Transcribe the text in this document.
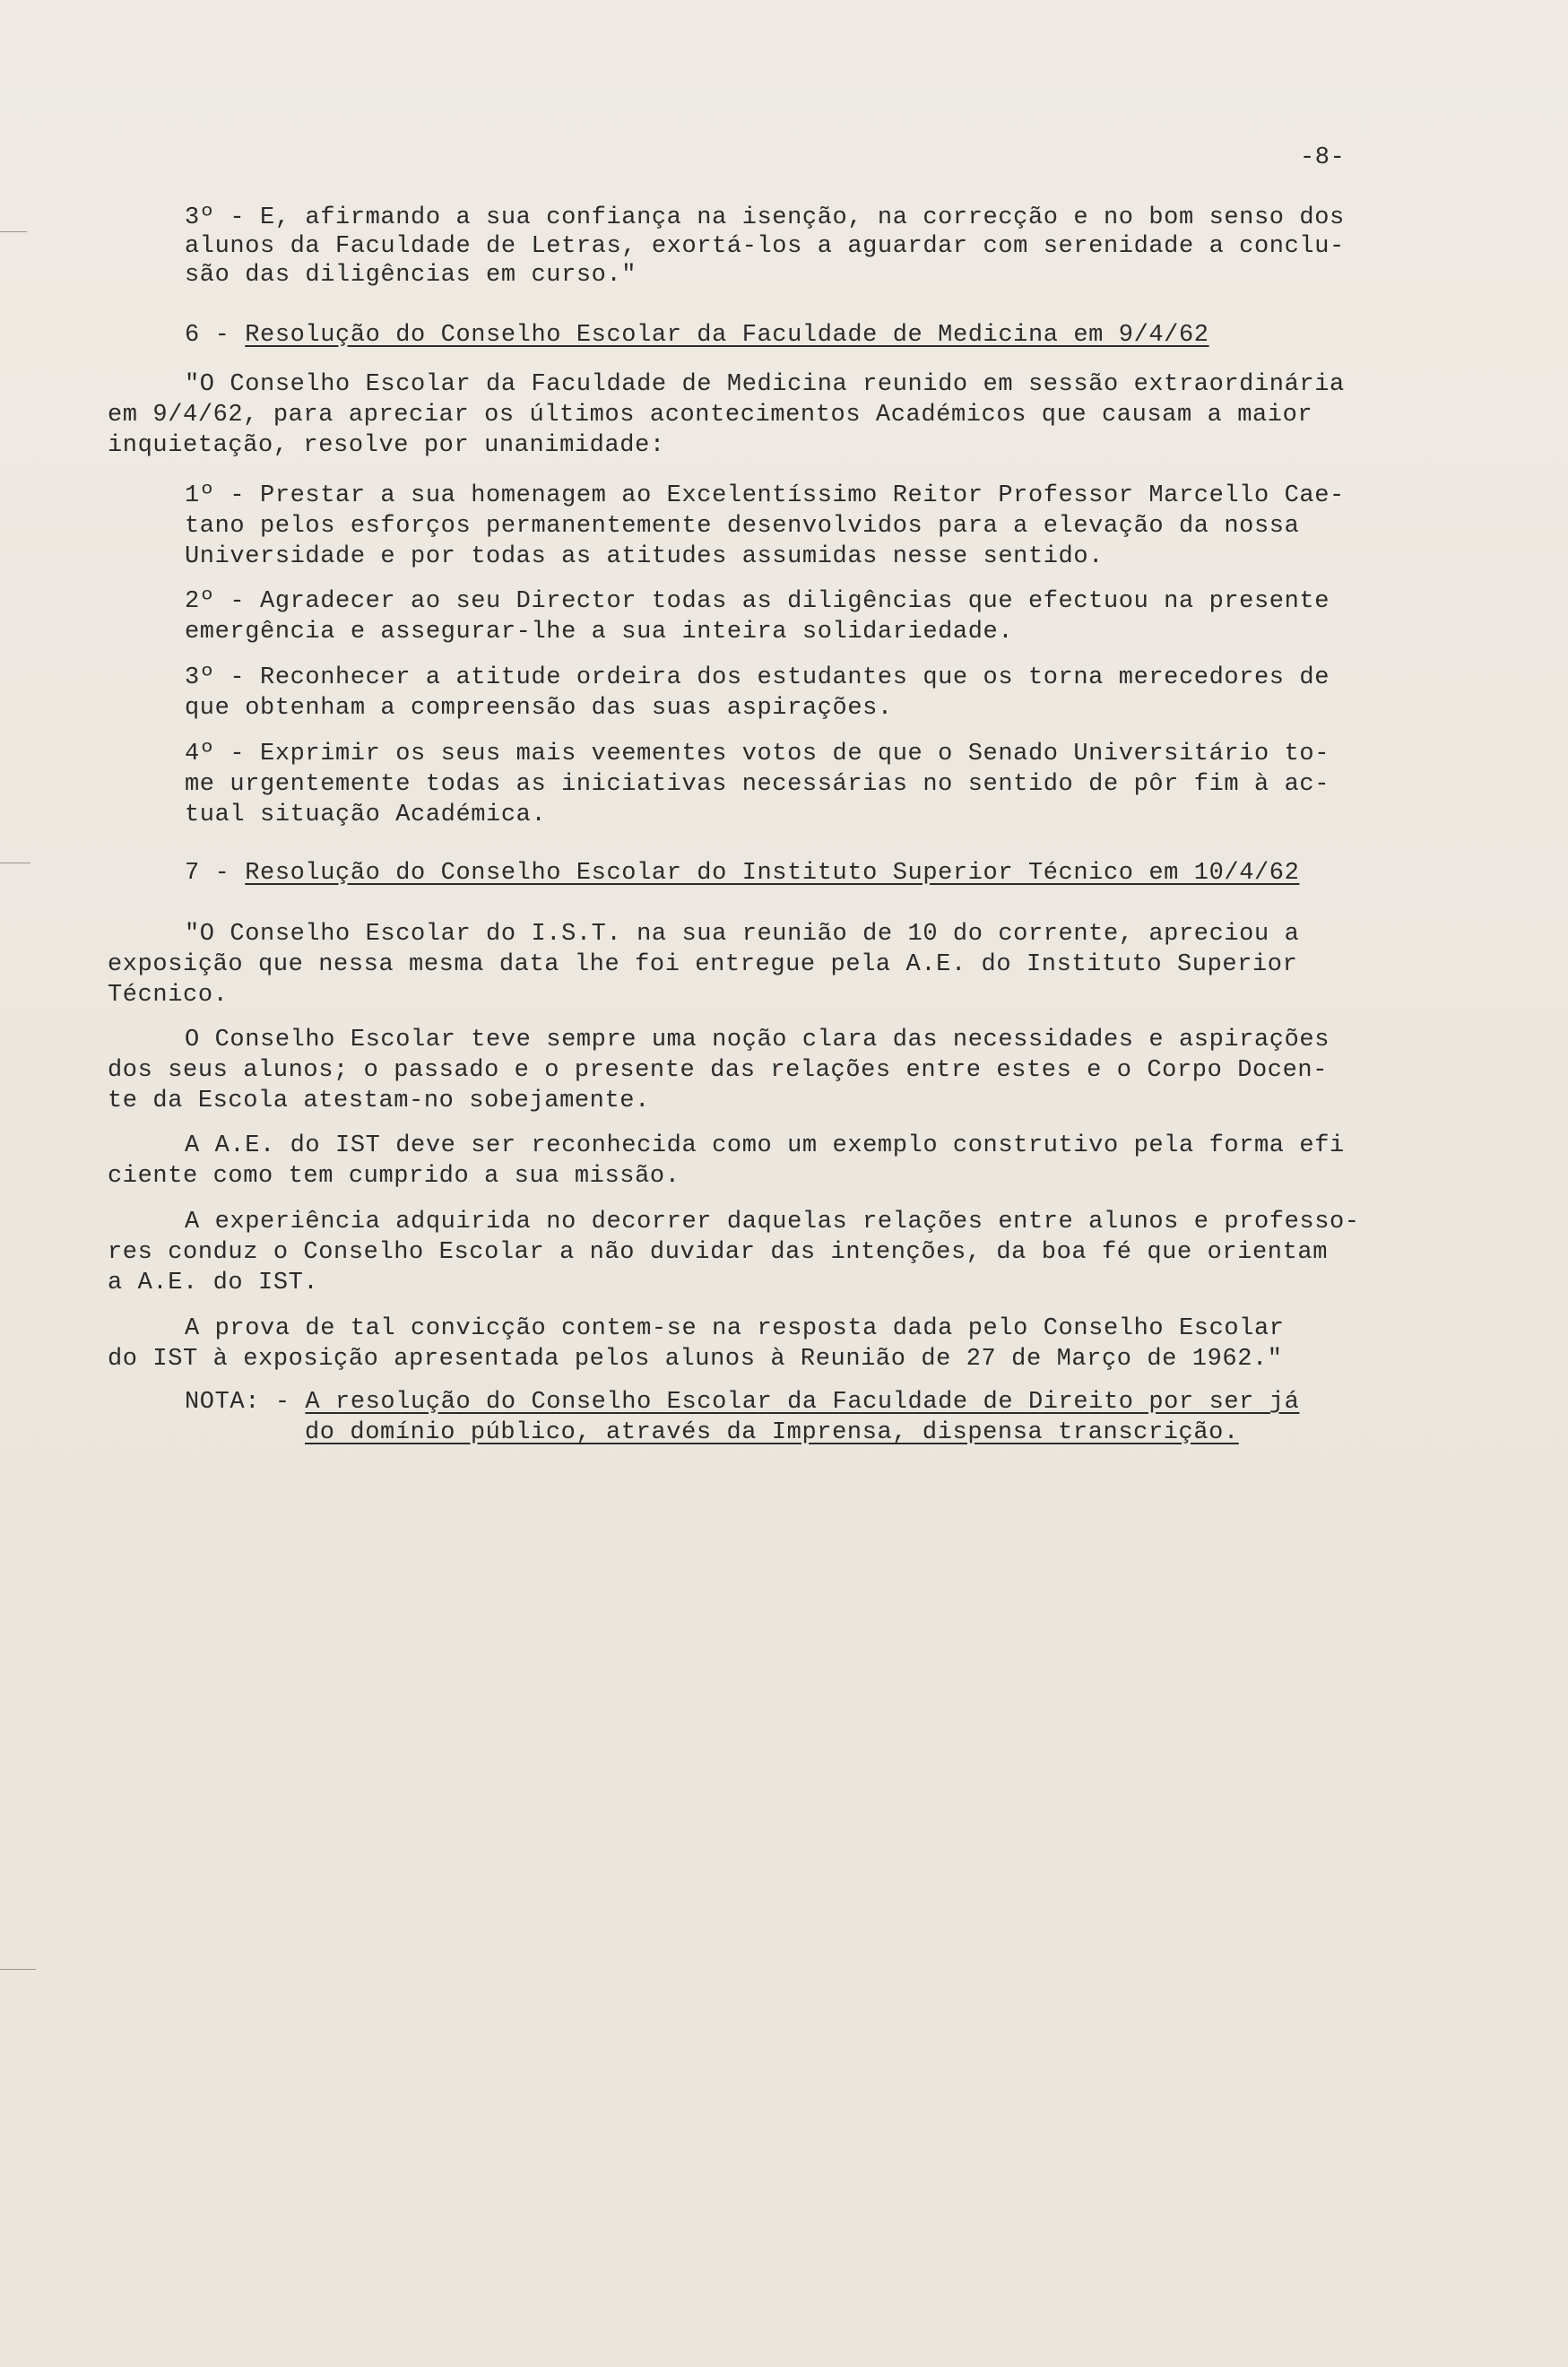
-8-
3º - E, afirmando a sua confiança na isenção, na correcção e no bom senso dos
alunos da Faculdade de Letras, exortá-los a aguardar com serenidade a conclu-
são das diligências em curso."
6 - Resolução do Conselho Escolar da Faculdade de Medicina em 9/4/62
"O Conselho Escolar da Faculdade de Medicina reunido em sessão extraordinária
em 9/4/62, para apreciar os últimos acontecimentos Académicos que causam a maior
inquietação, resolve por unanimidade:
1º - Prestar a sua homenagem ao Excelentíssimo Reitor Professor Marcello Cae-
tano pelos esforços permanentemente desenvolvidos para a elevação da nossa
Universidade e por todas as atitudes assumidas nesse sentido.
2º - Agradecer ao seu Director todas as diligências que efectuou na presente
emergência e assegurar-lhe a sua inteira solidariedade.
3º - Reconhecer a atitude ordeira dos estudantes que os torna merecedores de
que obtenham a compreensão das suas aspirações.
4º - Exprimir os seus mais veementes votos de que o Senado Universitário to-
me urgentemente todas as iniciativas necessárias no sentido de pôr fim à ac-
tual situação Académica.
7 - Resolução do Conselho Escolar do Instituto Superior Técnico em 10/4/62
"O Conselho Escolar do I.S.T. na sua reunião de 10 do corrente, apreciou a
exposição que nessa mesma data lhe foi entregue pela A.E. do Instituto Superior
Técnico.
O Conselho Escolar teve sempre uma noção clara das necessidades e aspirações
dos seus alunos; o passado e o presente das relações entre estes e o Corpo Docen-
te da Escola atestam-no sobejamente.
A A.E. do IST deve ser reconhecida como um exemplo construtivo pela forma efi
ciente como tem cumprido a sua missão.
A experiência adquirida no decorrer daquelas relações entre alunos e professo-
res conduz o Conselho Escolar a não duvidar das intenções, da boa fé que orientam
a A.E. do IST.
A prova de tal convicção contem-se na resposta dada pelo Conselho Escolar
do IST à exposição apresentada pelos alunos à Reunião de 27 de Março de 1962."
NOTA: - A resolução do Conselho Escolar da Faculdade de Direito por ser já
do domínio público, através da Imprensa, dispensa transcrição.
